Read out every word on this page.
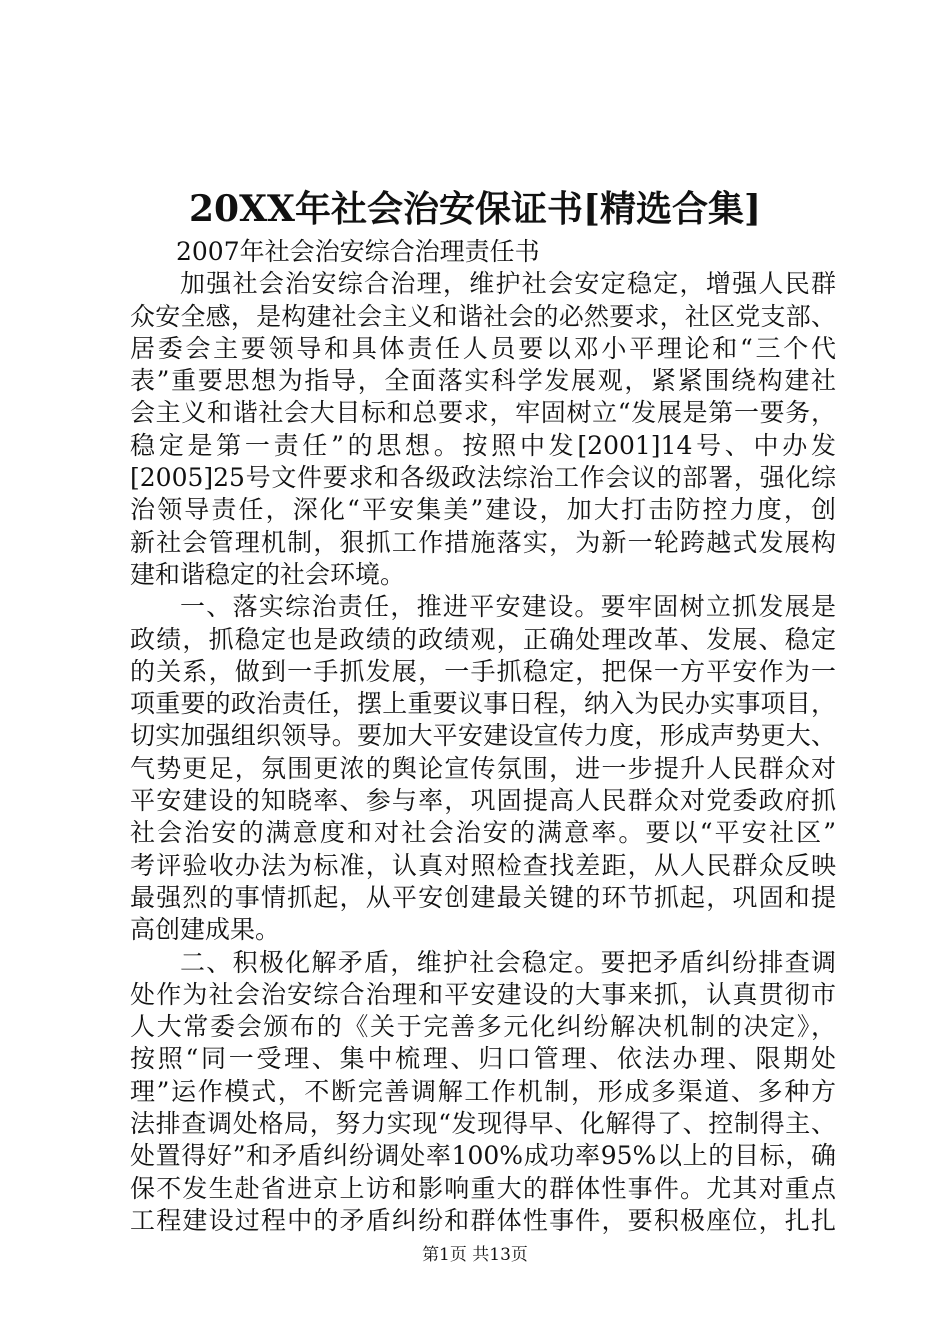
20XX年社会治安保证书[精选合集]
2007年社会治安综合治理责任书
加强社会治安综合治理，维护社会安定稳定，增强人民群
众安全感，是构建社会主义和谐社会的必然要求，社区党支部、
居委会主要领导和具体责任人员要以邓小平理论和“三个代
表”重要思想为指导，全面落实科学发展观，紧紧围绕构建社
会主义和谐社会大目标和总要求，牢固树立“发展是第一要务，
稳定是第一责任”的思想。按照中发[2001]14号、中办发
[2005]25号文件要求和各级政法综治工作会议的部署，强化综
治领导责任，深化“平安集美”建设，加大打击防控力度，创
新社会管理机制，狠抓工作措施落实，为新一轮跨越式发展构
建和谐稳定的社会环境。
一、落实综治责任，推进平安建设。要牢固树立抓发展是
政绩，抓稳定也是政绩的政绩观，正确处理改革、发展、稳定
的关系，做到一手抓发展，一手抓稳定，把保一方平安作为一
项重要的政治责任，摆上重要议事日程，纳入为民办实事项目，
切实加强组织领导。要加大平安建设宣传力度，形成声势更大、
气势更足，氛围更浓的舆论宣传氛围，进一步提升人民群众对
平安建设的知晓率、参与率，巩固提高人民群众对党委政府抓
社会治安的满意度和对社会治安的满意率。要以“平安社区”
考评验收办法为标准，认真对照检查找差距，从人民群众反映
最强烈的事情抓起，从平安创建最关键的环节抓起，巩固和提
高创建成果。
二、积极化解矛盾，维护社会稳定。要把矛盾纠纷排查调
处作为社会治安综合治理和平安建设的大事来抓，认真贯彻市
人大常委会颁布的《关于完善多元化纠纷解决机制的决定》，
按照“同一受理、集中梳理、归口管理、依法办理、限期处
理”运作模式，不断完善调解工作机制，形成多渠道、多种方
法排查调处格局，努力实现“发现得早、化解得了、控制得主、
处置得好”和矛盾纠纷调处率100%成功率95%以上的目标，确
保不发生赴省进京上访和影响重大的群体性事件。尤其对重点
工程建设过程中的矛盾纠纷和群体性事件，要积极座位，扎扎
第1页 共13页
